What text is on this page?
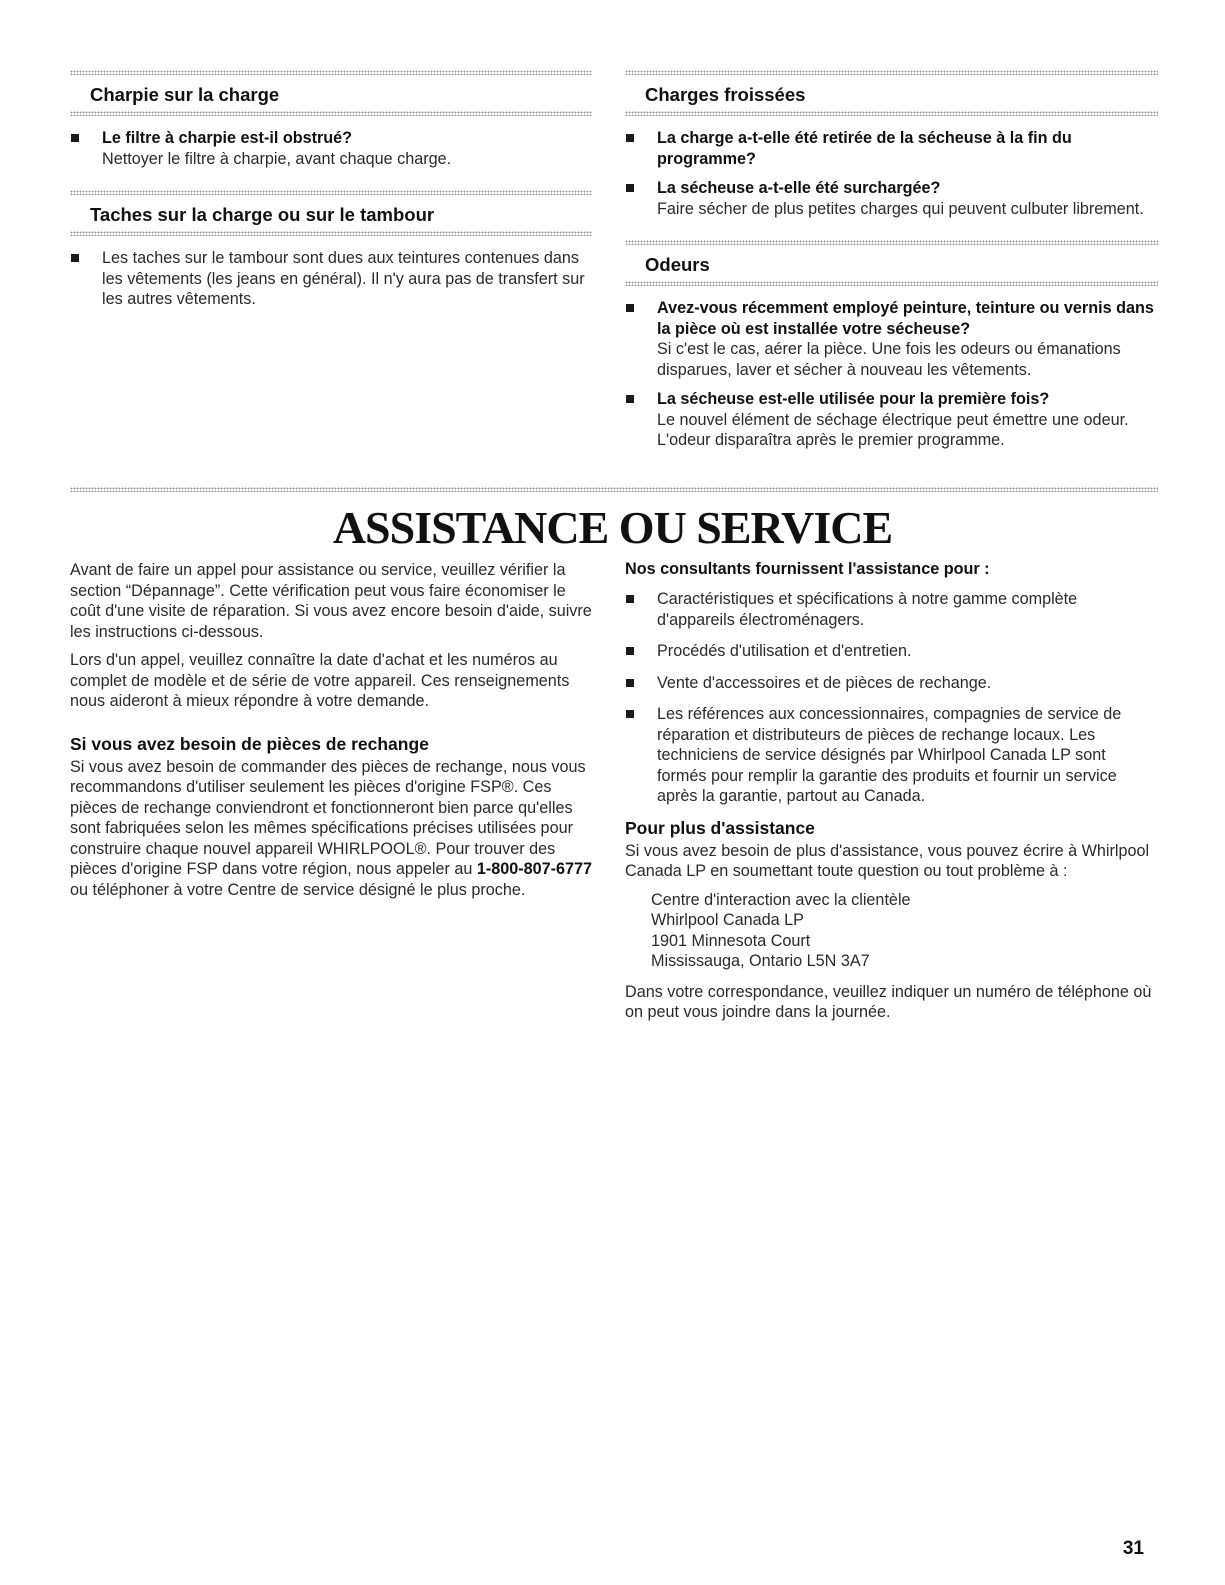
Charpie sur la charge
Le filtre à charpie est-il obstrué?
Nettoyer le filtre à charpie, avant chaque charge.
Taches sur la charge ou sur le tambour
Les taches sur le tambour sont dues aux teintures contenues dans les vêtements (les jeans en général). Il n'y aura pas de transfert sur les autres vêtements.
Charges froissées
La charge a-t-elle été retirée de la sécheuse à la fin du programme?
La sécheuse a-t-elle été surchargée?
Faire sécher de plus petites charges qui peuvent culbuter librement.
Odeurs
Avez-vous récemment employé peinture, teinture ou vernis dans la pièce où est installée votre sécheuse?
Si c'est le cas, aérer la pièce. Une fois les odeurs ou émanations disparues, laver et sécher à nouveau les vêtements.
La sécheuse est-elle utilisée pour la première fois?
Le nouvel élément de séchage électrique peut émettre une odeur. L'odeur disparaîtra après le premier programme.
ASSISTANCE OU SERVICE

Avant de faire un appel pour assistance ou service, veuillez vérifier la section “Dépannage”. Cette vérification peut vous faire économiser le coût d'une visite de réparation. Si vous avez encore besoin d'aide, suivre les instructions ci-dessous.

Lors d'un appel, veuillez connaître la date d'achat et les numéros au complet de modèle et de série de votre appareil. Ces renseignements nous aideront à mieux répondre à votre demande.

Si vous avez besoin de pièces de rechange

Si vous avez besoin de commander des pièces de rechange, nous vous recommandons d'utiliser seulement les pièces d'origine FSP®. Ces pièces de rechange conviendront et fonctionneront bien parce qu'elles sont fabriquées selon les mêmes spécifications précises utilisées pour construire chaque nouvel appareil WHIRLPOOL®. Pour trouver des pièces d'origine FSP dans votre région, nous appeler au 1-800-807-6777 ou téléphoner à votre Centre de service désigné le plus proche.

Nos consultants fournissent l'assistance pour :
Caractéristiques et spécifications à notre gamme complète d'appareils électroménagers.
Procédés d'utilisation et d'entretien.
Vente d'accessoires et de pièces de rechange.
Les références aux concessionnaires, compagnies de service de réparation et distributeurs de pièces de rechange locaux. Les techniciens de service désignés par Whirlpool Canada LP sont formés pour remplir la garantie des produits et fournir un service après la garantie, partout au Canada.
Pour plus d'assistance

Si vous avez besoin de plus d'assistance, vous pouvez écrire à Whirlpool Canada LP en soumettant toute question ou tout problème à :

Centre d'interaction avec la clientèle
Whirlpool Canada LP
1901 Minnesota Court
Mississauga, Ontario L5N 3A7

Dans votre correspondance, veuillez indiquer un numéro de téléphone où on peut vous joindre dans la journée.

31
